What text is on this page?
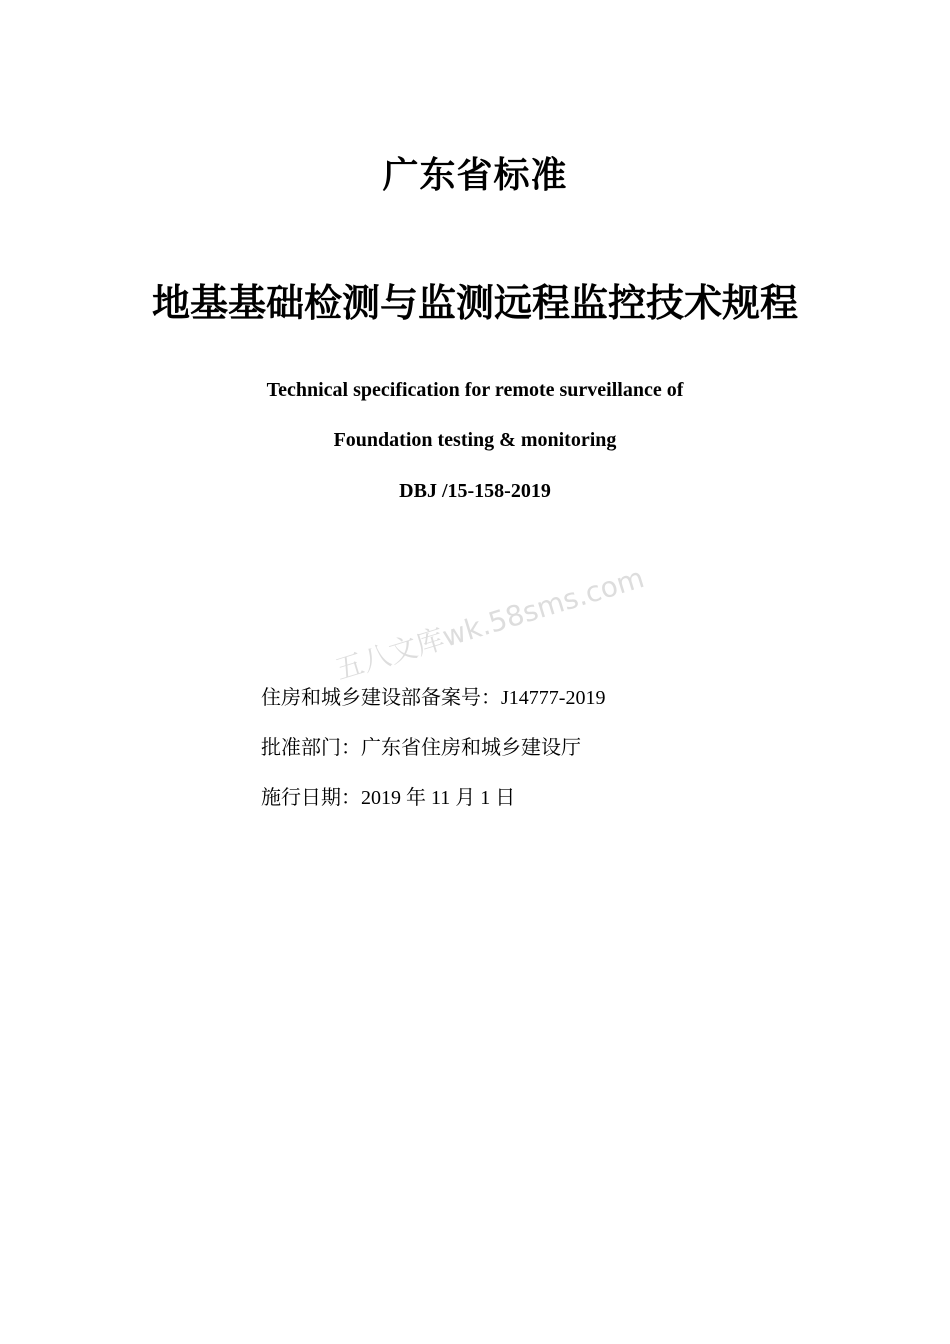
广东省标准
地基基础检测与监测远程监控技术规程
Technical specification for remote surveillance of
Foundation testing & monitoring
DBJ /15-158-2019
住房和城乡建设部备案号：J14777-2019
批准部门：广东省住房和城乡建设厅
施行日期：2019 年 11 月 1 日
五八文库wk.58sms.com
